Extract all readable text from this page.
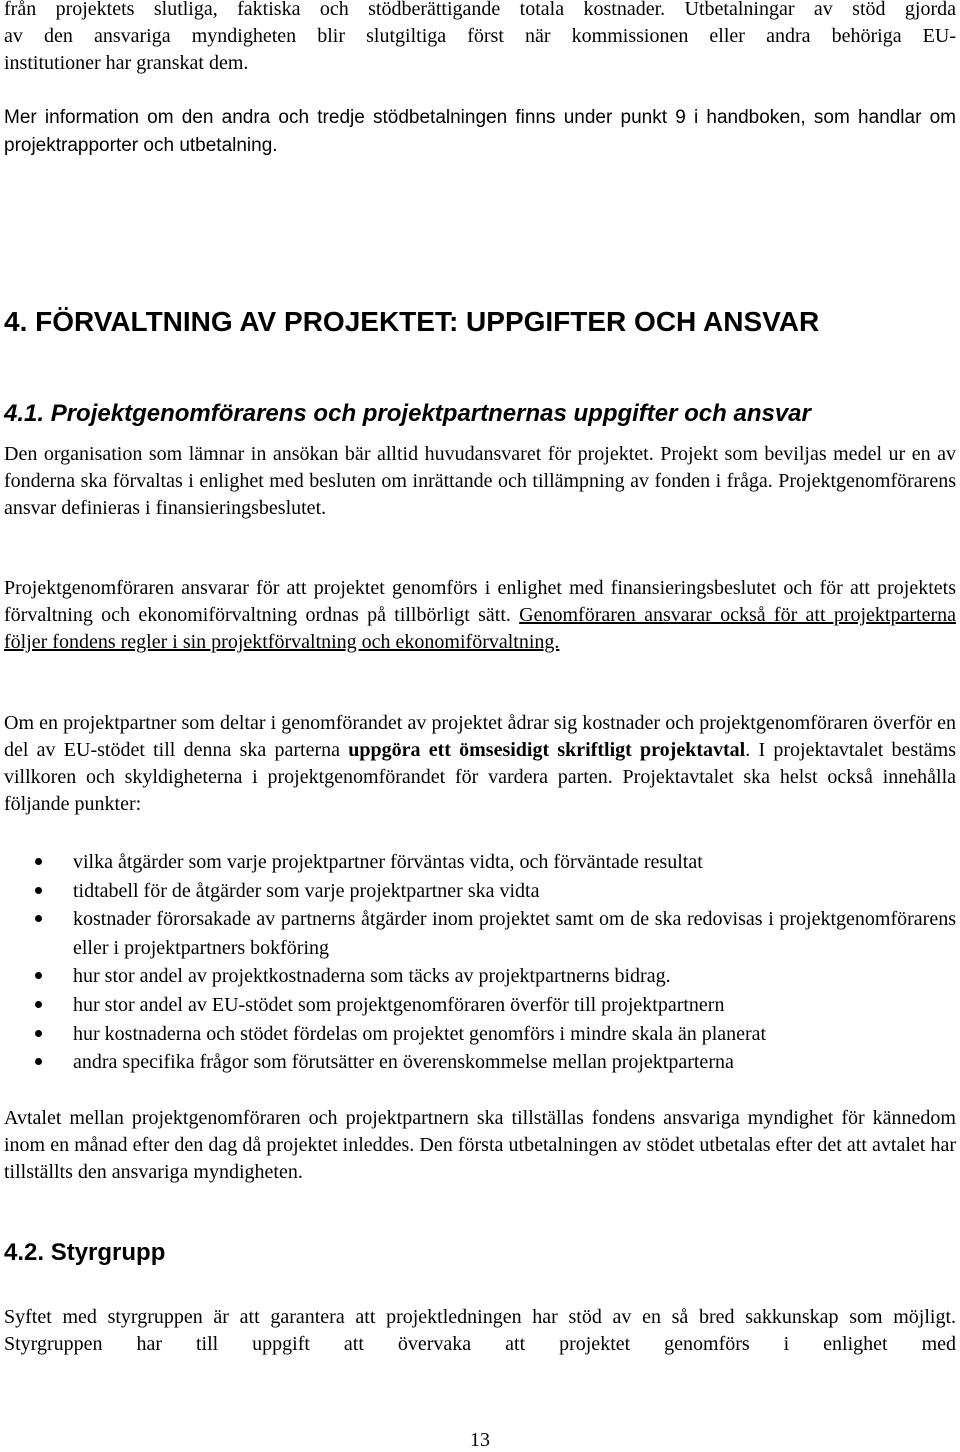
från projektets slutliga, faktiska och stödberättigande totala kostnader. Utbetalningar av stöd gjorda

av den ansvariga myndigheten blir slutgiltiga först när kommissionen eller andra behöriga EU-

institutioner har granskat dem.

Mer information om den andra och tredje stödbetalningen finns under punkt 9 i handboken, som handlar om projektrapporter och utbetalning.

4. FÖRVALTNING AV PROJEKTET: UPPGIFTER OCH ANSVAR
4.1. Projektgenomförarens och projektpartnernas uppgifter och ansvar

Den organisation som lämnar in ansökan bär alltid huvudansvaret för projektet. Projekt som beviljas medel ur en av fonderna ska förvaltas i enlighet med besluten om inrättande och tillämpning av fonden i fråga. Projektgenomförarens ansvar definieras i finansieringsbeslutet.

Projektgenomföraren ansvarar för att projektet genomförs i enlighet med finansieringsbeslutet och för att projektets förvaltning och ekonomiförvaltning ordnas på tillbörligt sätt. Genomföraren ansvarar också för att projektparterna följer fondens regler i sin projektförvaltning och ekonomiförvaltning.

Om en projektpartner som deltar i genomförandet av projektet ådrar sig kostnader och projektgenomföraren överför en del av EU-stödet till denna ska parterna uppgöra ett ömsesidigt skriftligt projektavtal. I projektavtalet bestäms villkoren och skyldigheterna i projektgenomförandet för vardera parten. Projektavtalet ska helst också innehålla följande punkter:

vilka åtgärder som varje projektpartner förväntas vidta, och förväntade resultat
tidtabell för de åtgärder som varje projektpartner ska vidta
kostnader förorsakade av partnerns åtgärder inom projektet samt om de ska redovisas i projektgenomförarens eller i projektpartners bokföring
hur stor andel av projektkostnaderna som täcks av projektpartnerns bidrag.
hur stor andel av EU-stödet som projektgenomföraren överför till projektpartnern
hur kostnaderna och stödet fördelas om projektet genomförs i mindre skala än planerat
andra specifika frågor som förutsätter en överenskommelse mellan projektparterna

Avtalet mellan projektgenomföraren och projektpartnern ska tillställas fondens ansvariga myndighet för kännedom inom en månad efter den dag då projektet inleddes. Den första utbetalningen av stödet utbetalas efter det att avtalet har tillställts den ansvariga myndigheten.

4.2. Styrgrupp

Syftet med styrgruppen är att garantera att projektledningen har stöd av en så bred sakkunskap som möjligt. Styrgruppen har till uppgift att övervaka att projektet genomförs i enlighet med

13
